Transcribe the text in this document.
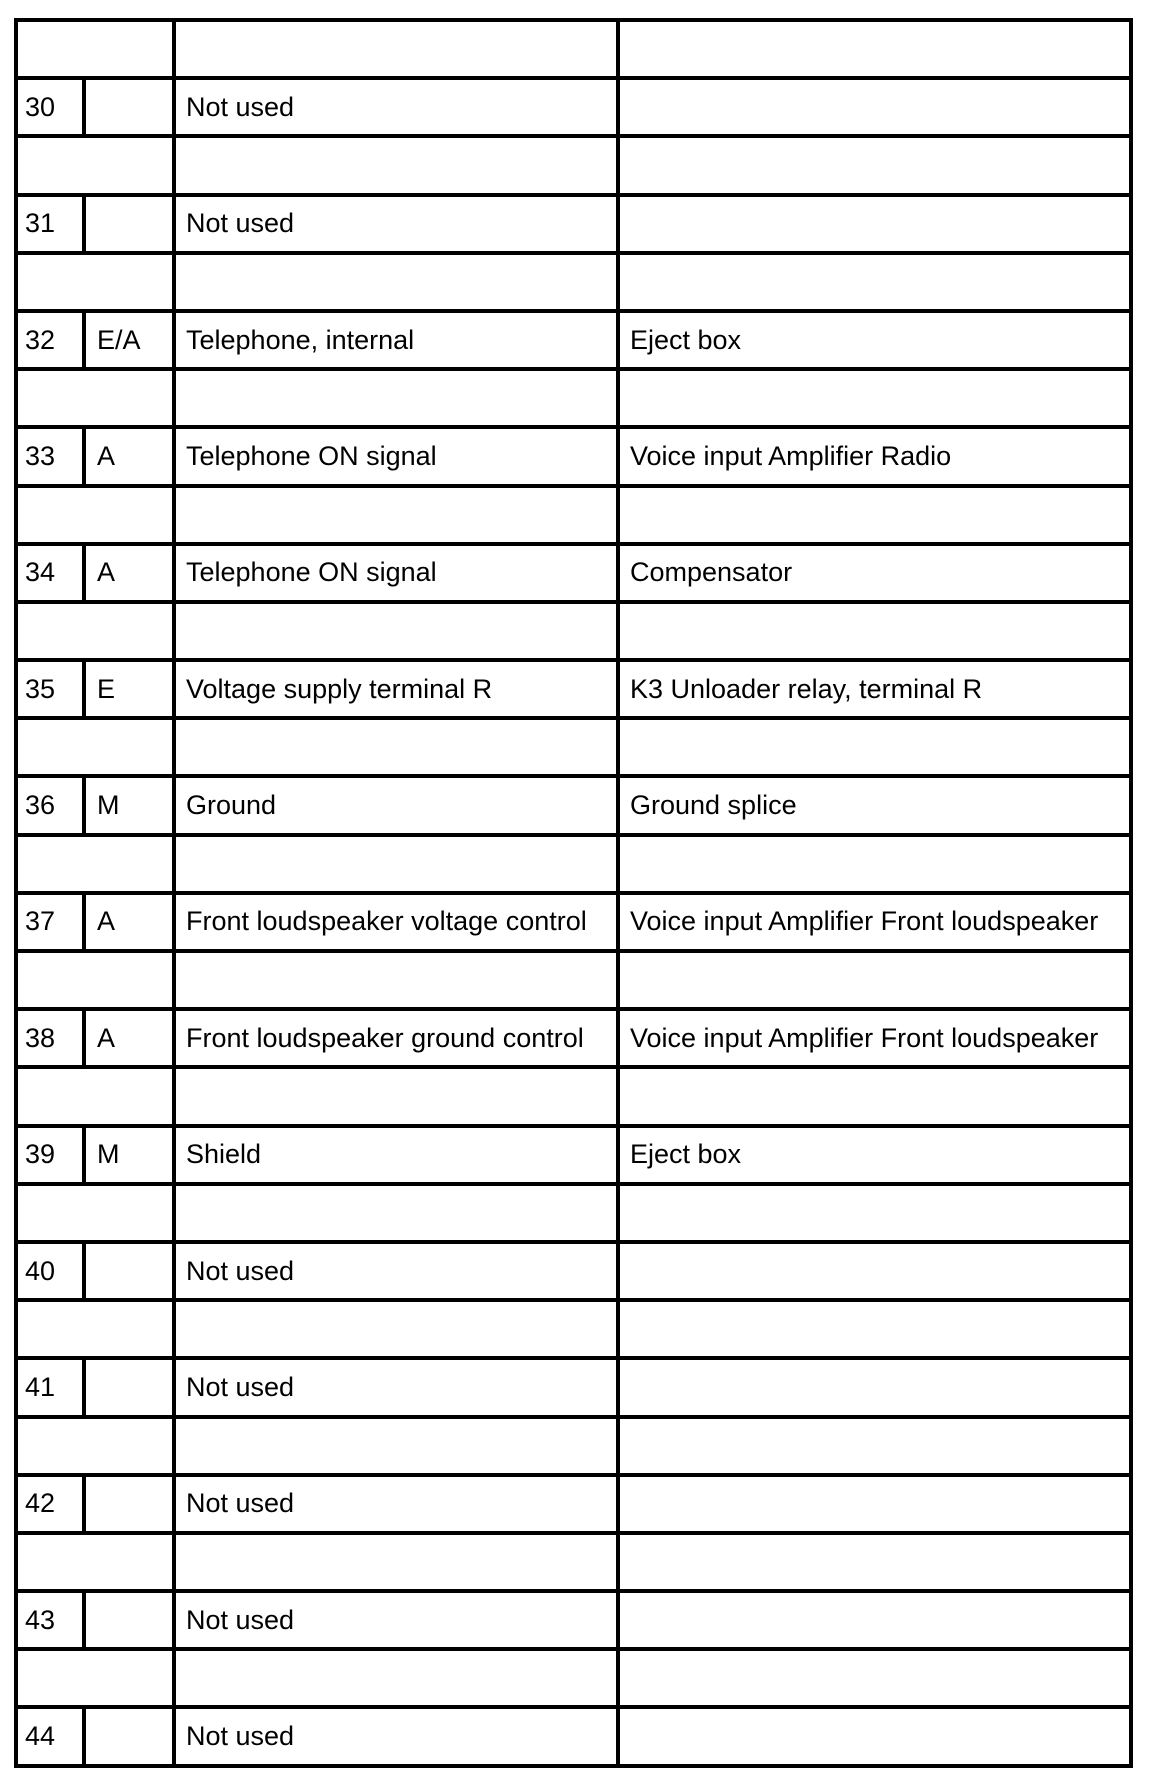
30		Not used	

31		Not used	

32	E/A	Telephone, internal	Eject box

33	A	Telephone ON signal	Voice input Amplifier Radio

34	A	Telephone ON signal	Compensator

35	E	Voltage supply terminal R	K3 Unloader relay, terminal R

36	M	Ground	Ground splice

37	A	Front loudspeaker voltage control	Voice input Amplifier Front loudspeaker

38	A	Front loudspeaker ground control	Voice input Amplifier Front loudspeaker

39	M	Shield	Eject box

40		Not used	

41		Not used	

42		Not used	

43		Not used	

44		Not used	
